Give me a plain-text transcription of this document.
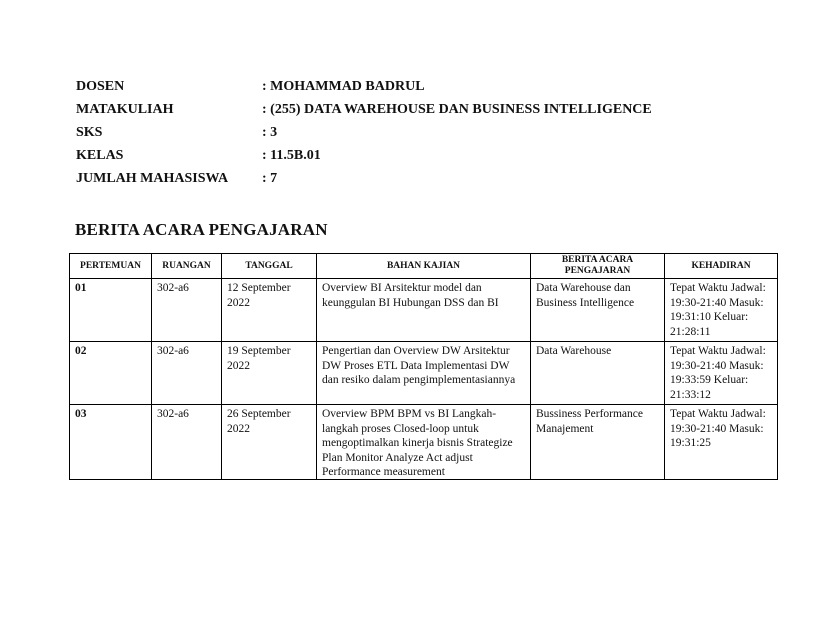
DOSEN	: MOHAMMAD BADRUL
MATAKULIAH	: (255) DATA WAREHOUSE DAN BUSINESS INTELLIGENCE
SKS	: 3
KELAS	: 11.5B.01
JUMLAH MAHASISWA	: 7
BERITA ACARA PENGAJARAN
PERTEMUAN	RUANGAN	TANGGAL	BAHAN KAJIAN	BERITA ACARA PENGAJARAN	KEHADIRAN
01	302-a6	12 September 2022	Overview BI Arsitektur model dan keunggulan BI Hubungan DSS dan BI	Data Warehouse dan Business Intelligence	Tepat Waktu Jadwal: 19:30-21:40 Masuk: 19:31:10 Keluar: 21:28:11
02	302-a6	19 September 2022	Pengertian dan Overview DW Arsitektur DW Proses ETL Data Implementasi DW dan resiko dalam pengimplementasiannya	Data Warehouse	Tepat Waktu Jadwal: 19:30-21:40 Masuk: 19:33:59 Keluar: 21:33:12

03	302-a6	26 September 2022	Overview BPM BPM vs BI Langkah-langkah proses Closed-loop untuk mengoptimalkan kinerja bisnis Strategize Plan Monitor Analyze Act adjust Performance measurement	Bussiness Performance Manajement	Tepat Waktu Jadwal: 19:30-21:40 Masuk: 19:31:25
